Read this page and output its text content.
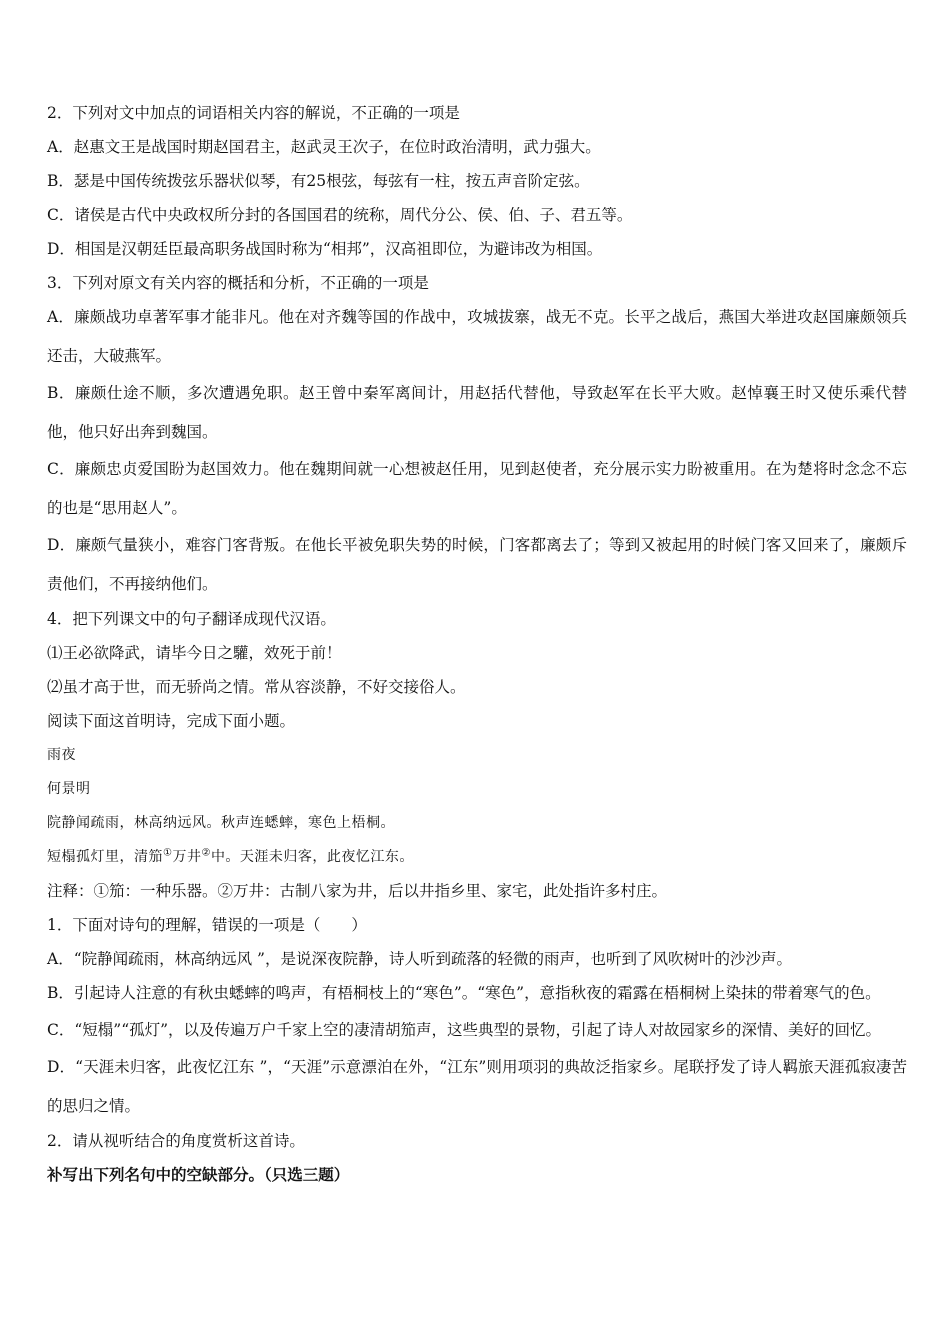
2．下列对文中加点的词语相关内容的解说，不正确的一项是
A．赵惠文王是战国时期赵国君主，赵武灵王次子，在位时政治清明，武力强大。
B．瑟是中国传统拨弦乐器状似琴，有25根弦，每弦有一柱，按五声音阶定弦。
C．诸侯是古代中央政权所分封的各国国君的统称，周代分公、侯、伯、子、君五等。
D．相国是汉朝廷臣最高职务战国时称为“相邦”，汉高祖即位，为避讳改为相国。
3．下列对原文有关内容的概括和分析，不正确的一项是
A．廉颇战功卓著军事才能非凡。他在对齐魏等国的作战中，攻城拔寨，战无不克。长平之战后，燕国大举进攻赵国廉颇领兵还击，大破燕军。
B．廉颇仕途不顺，多次遭遇免职。赵王曾中秦军离间计，用赵括代替他，导致赵军在长平大败。赵悼襄王时又使乐乘代替他，他只好出奔到魏国。
C．廉颇忠贞爱国盼为赵国效力。他在魏期间就一心想被赵任用，见到赵使者，充分展示实力盼被重用。在为楚将时念念不忘的也是“思用赵人”。
D．廉颇气量狭小，难容门客背叛。在他长平被免职失势的时候，门客都离去了；等到又被起用的时候门客又回来了，廉颇斥责他们，不再接纳他们。
4．把下列课文中的句子翻译成现代汉语。
⑴王必欲降武，请毕今日之驩，效死于前！
⑵虽才高于世，而无骄尚之情。常从容淡静，不好交接俗人。
阅读下面这首明诗，完成下面小题。
雨夜
何景明
院静闻疏雨，林高纳远风。秋声连蟋蟀，寒色上梧桐。
短榻孤灯里，清笳①万井②中。天涯未归客，此夜忆江东。
注释：①笳：一种乐器。②万井：古制八家为井，后以井指乡里、家宅，此处指许多村庄。
1．下面对诗句的理解，错误的一项是（　　）
A．“院静闻疏雨，林高纳远风 ”，是说深夜院静，诗人听到疏落的轻微的雨声，也听到了风吹树叶的沙沙声。
B．引起诗人注意的有秋虫蟋蟀的鸣声，有梧桐枝上的“寒色”。“寒色”，意指秋夜的霜露在梧桐树上染抹的带着寒气的色。
C．“短榻”“孤灯”，以及传遍万户千家上空的凄清胡笳声，这些典型的景物，引起了诗人对故园家乡的深情、美好的回忆。
D．“天涯未归客，此夜忆江东 ”，“天涯”示意漂泊在外，“江东”则用项羽的典故泛指家乡。尾联抒发了诗人羁旅天涯孤寂凄苦的思归之情。
2．请从视听结合的角度赏析这首诗。
补写出下列名句中的空缺部分。（只选三题）
